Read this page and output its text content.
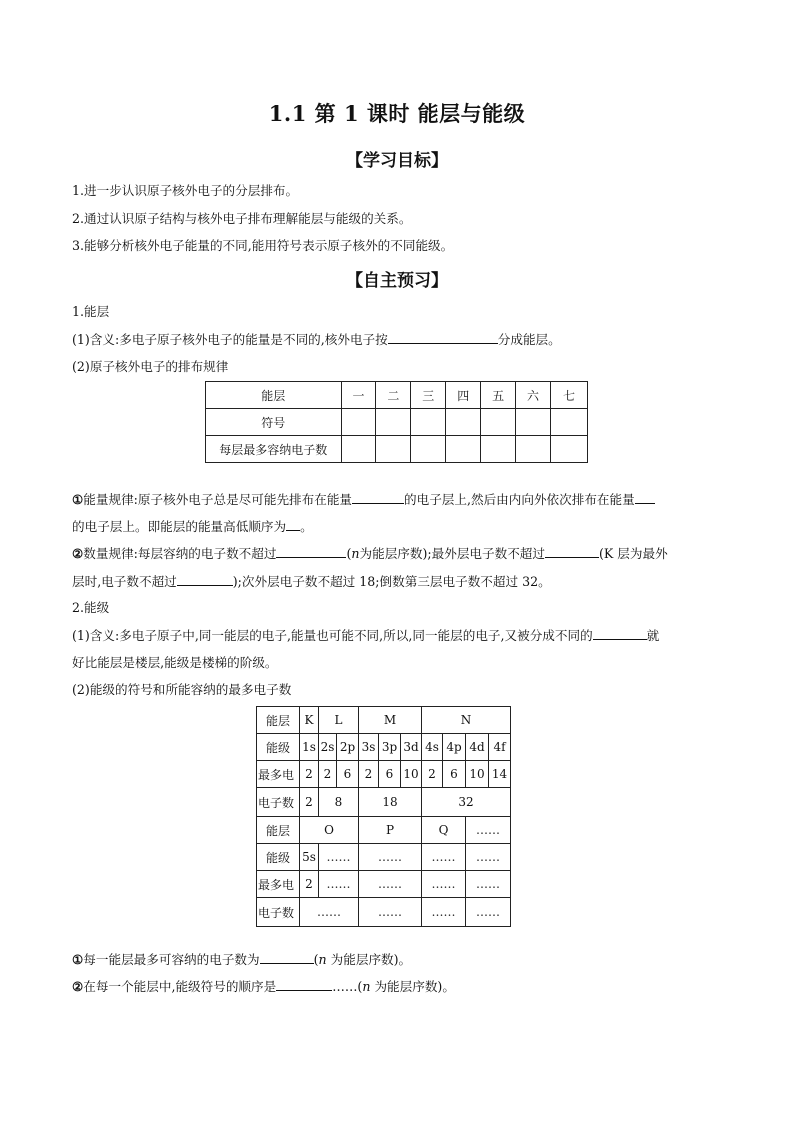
1.1 第 1 课时 能层与能级
【学习目标】
1.进一步认识原子核外电子的分层排布。
2.通过认识原子结构与核外电子排布理解能层与能级的关系。
3.能够分析核外电子能量的不同,能用符号表示原子核外的不同能级。
【自主预习】
1.能层
(1)含义:多电子原子核外电子的能量是不同的,核外电子按	分成能层。
(2)原子核外电子的排布规律
能层	一	二	三	四	五	六	七
符号							
每层最多容纳电子数							
①能量规律:原子核外电子总是尽可能先排布在能量	的电子层上,然后由内向外依次排布在能量
的电子层上。即能层的能量高低顺序为 。
②数量规律:每层容纳的电子数不超过	(n为能层序数);最外层电子数不超过	(K 层为最外
层时,电子数不超过	);次外层电子数不超过 18;倒数第三层电子数不超过 32。
2.能级
(1)含义:多电子原子中,同一能层的电子,能量也可能不同,所以,同一能层的电子,又被分成不同的	就
好比能层是楼层,能级是楼梯的阶级。
(2)能级的符号和所能容纳的最多电子数
能层	K	L		M			N				
能级	1s	2s	2p	3s	3p	3d	4s	4p	4d	4f	
最多电	2	2	6	2	6	10	2	6	10	14	
电子数	2	8		18			32				
能层	O			P			Q		……		
能级	5s	……		……			……		……		
最多电	2	……		……			……		……		
电子数	……			……			……		……		
①每一能层最多可容纳的电子数为	(n 为能层序数)。
②在每一个能层中,能级符号的顺序是	……(n 为能层序数)。
